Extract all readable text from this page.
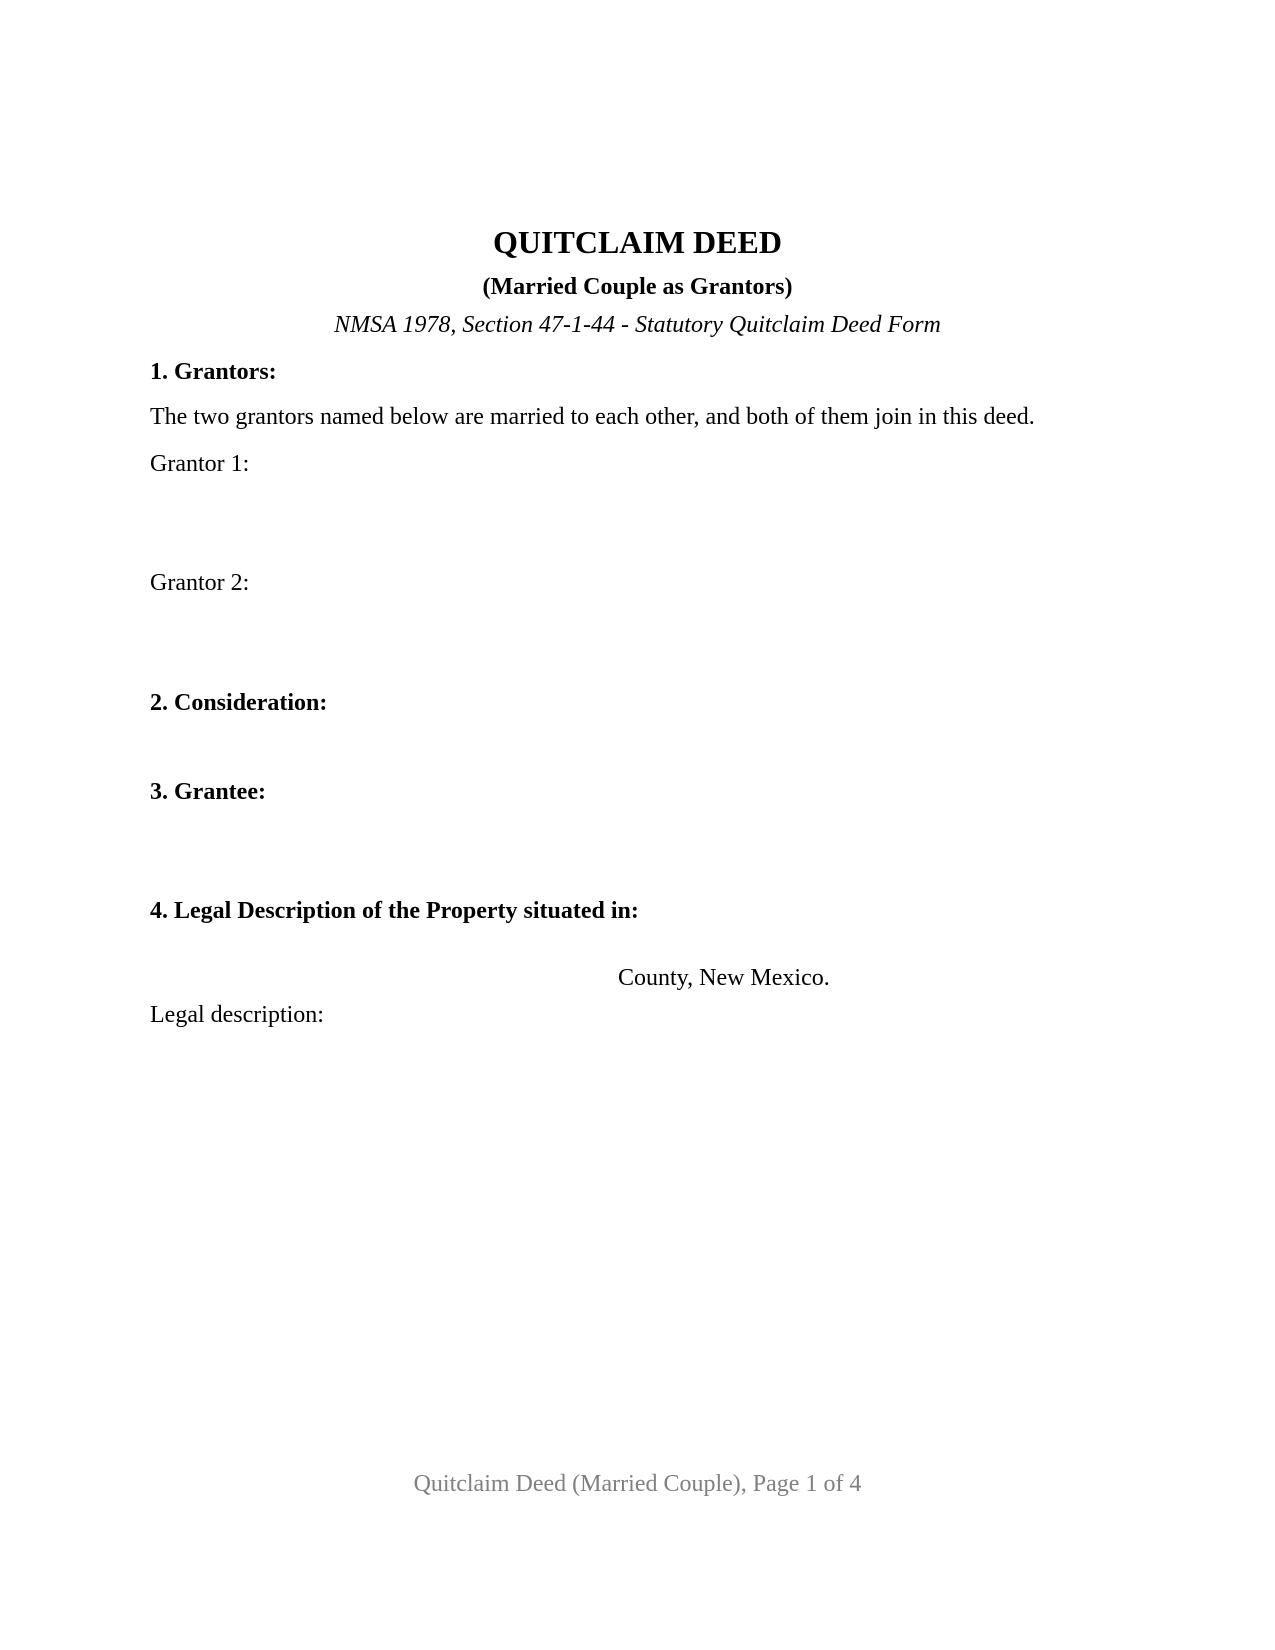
QUITCLAIM DEED
(Married Couple as Grantors)
NMSA 1978, Section 47-1-44 - Statutory Quitclaim Deed Form
1. Grantors:
The two grantors named below are married to each other, and both of them join in this deed.
Grantor 1:
Grantor 2:
2. Consideration:
3. Grantee:
4. Legal Description of the Property situated in:
County, New Mexico.
Legal description:
Quitclaim Deed (Married Couple), Page 1 of 4
